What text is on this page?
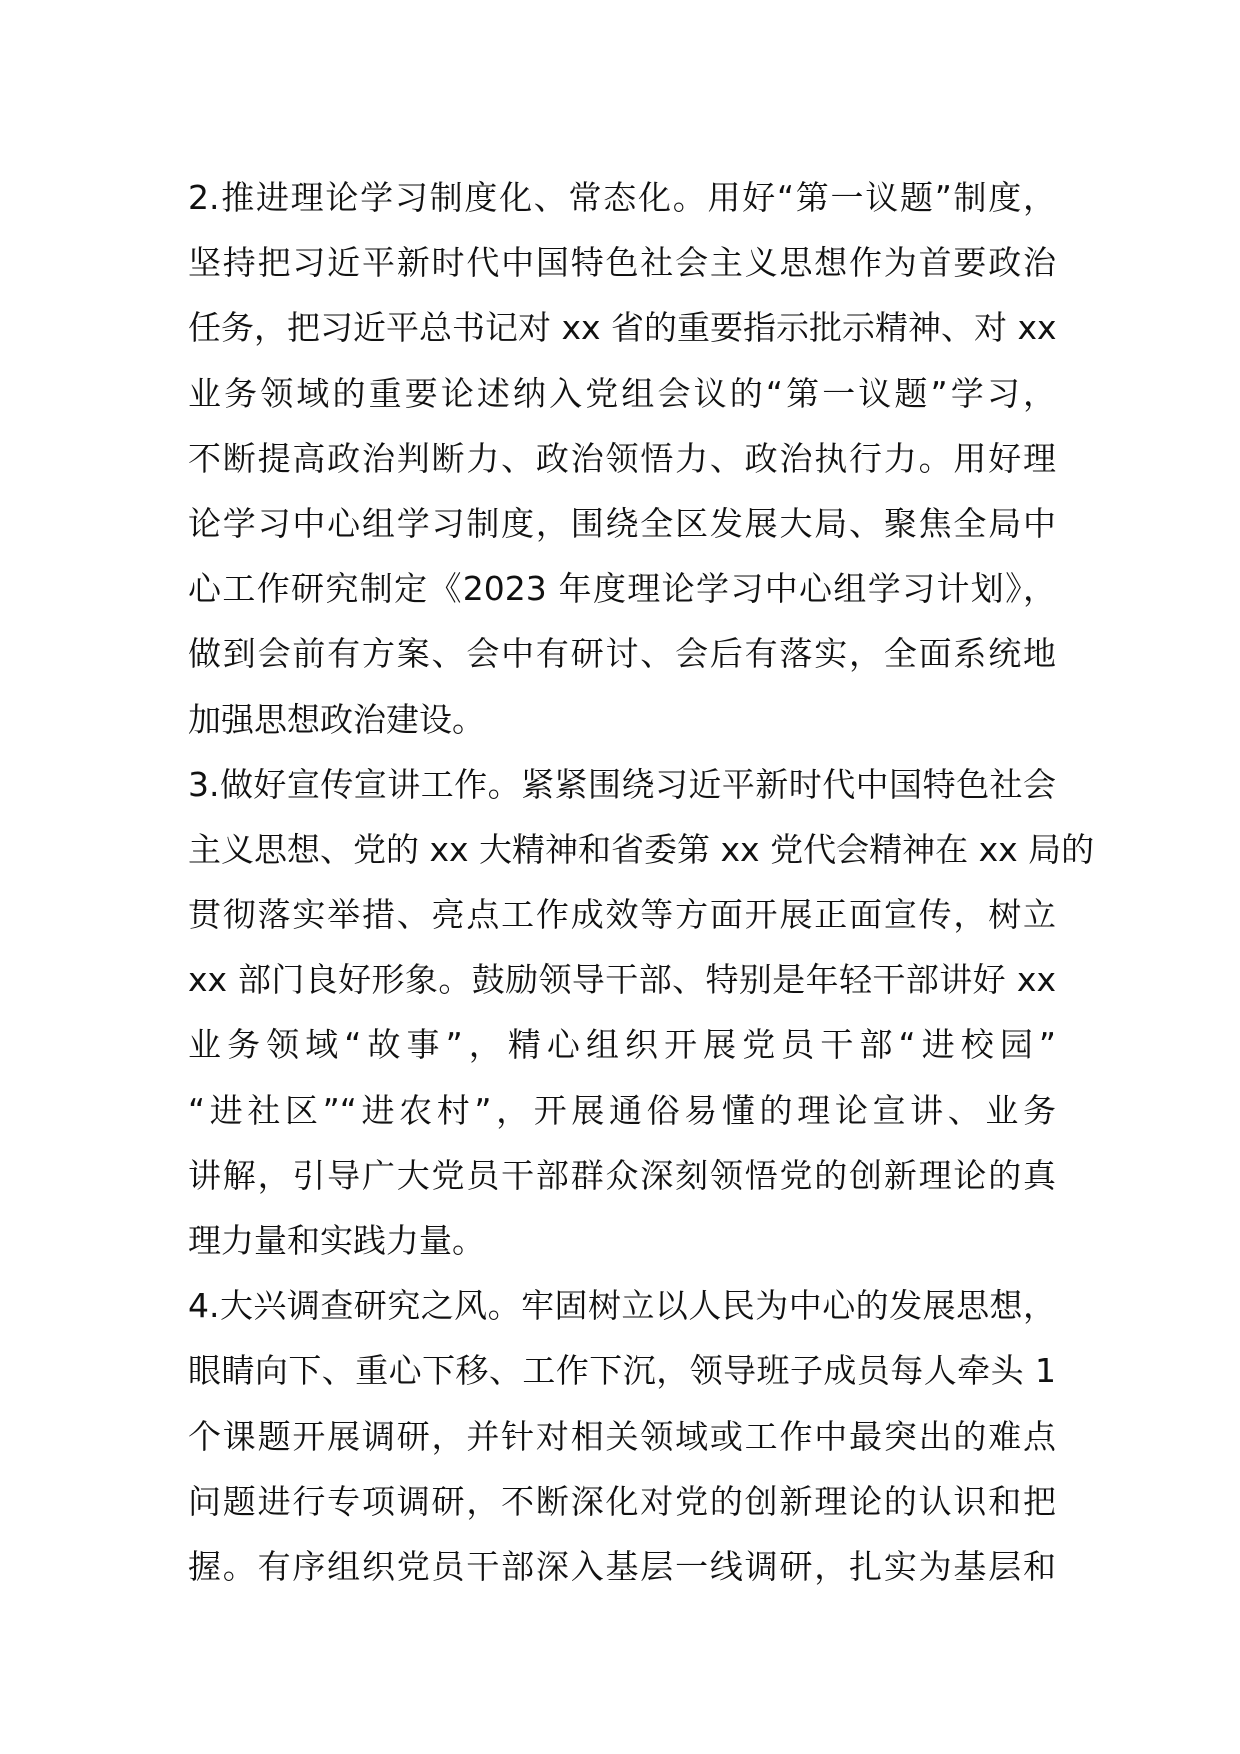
2.推进理论学习制度化、常态化。用好“第一议题”制度，
坚持把习近平新时代中国特色社会主义思想作为首要政治
任务，把习近平总书记对 xx 省的重要指示批示精神、对 xx
业务领域的重要论述纳入党组会议的“第一议题”学习，
不断提高政治判断力、政治领悟力、政治执行力。用好理
论学习中心组学习制度，围绕全区发展大局、聚焦全局中
心工作研究制定《2023 年度理论学习中心组学习计划》，
做到会前有方案、会中有研讨、会后有落实，全面系统地
加强思想政治建设。
3.做好宣传宣讲工作。紧紧围绕习近平新时代中国特色社会
主义思想、党的 xx 大精神和省委第 xx 党代会精神在 xx 局的
贯彻落实举措、亮点工作成效等方面开展正面宣传，树立
xx 部门良好形象。鼓励领导干部、特别是年轻干部讲好 xx
业务领域“故事”，精心组织开展党员干部“进校园”
“进社区”“进农村”，开展通俗易懂的理论宣讲、业务
讲解，引导广大党员干部群众深刻领悟党的创新理论的真
理力量和实践力量。
4.大兴调查研究之风。牢固树立以人民为中心的发展思想，
眼睛向下、重心下移、工作下沉，领导班子成员每人牵头 1
个课题开展调研，并针对相关领域或工作中最突出的难点
问题进行专项调研，不断深化对党的创新理论的认识和把
握。有序组织党员干部深入基层一线调研，扎实为基层和
